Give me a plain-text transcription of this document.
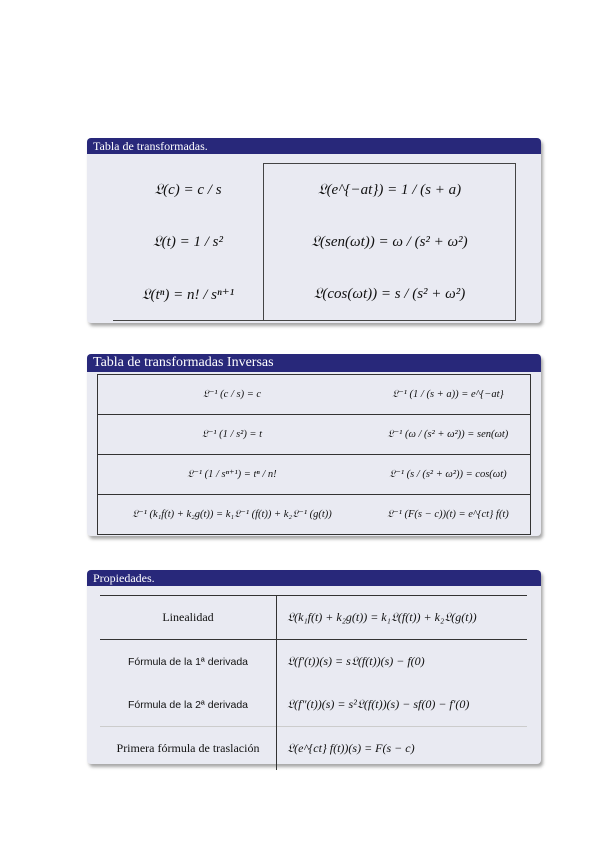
Tabla de transformadas.
𝔏(c) = c / s	𝔏(e^{−at}) = 1 / (s + a)
𝔏(t) = 1 / s²	𝔏(sen(ωt)) = ω / (s² + ω²)
𝔏(tⁿ) = n! / sⁿ⁺¹	𝔏(cos(ωt)) = s / (s² + ω²)
Tabla de transformadas Inversas
𝔏⁻¹ (c / s) = c	𝔏⁻¹ (1 / (s + a)) = e^{−at}
𝔏⁻¹ (1 / s²) = t	𝔏⁻¹ (ω / (s² + ω²)) = sen(ωt)
𝔏⁻¹ (1 / sⁿ⁺¹) = tⁿ / n!	𝔏⁻¹ (s / (s² + ω²)) = cos(ωt)
𝔏⁻¹ (k₁f(t) + k₂g(t)) = k₁𝔏⁻¹ (f(t)) + k₂𝔏⁻¹ (g(t))	𝔏⁻¹ (F(s − c))(t) = e^{ct} f(t)
Propiedades.
Linealidad	𝔏(k₁f(t) + k₂g(t)) = k₁𝔏(f(t)) + k₂𝔏(g(t))
Fórmula de la 1ª derivada	𝔏(f′(t))(s) = s𝔏(f(t))(s) − f(0)
Fórmula de la 2ª derivada	𝔏(f″(t))(s) = s²𝔏(f(t))(s) − sf(0) − f′(0)
Primera fórmula de traslación	𝔏(e^{ct} f(t))(s) = F(s − c)
